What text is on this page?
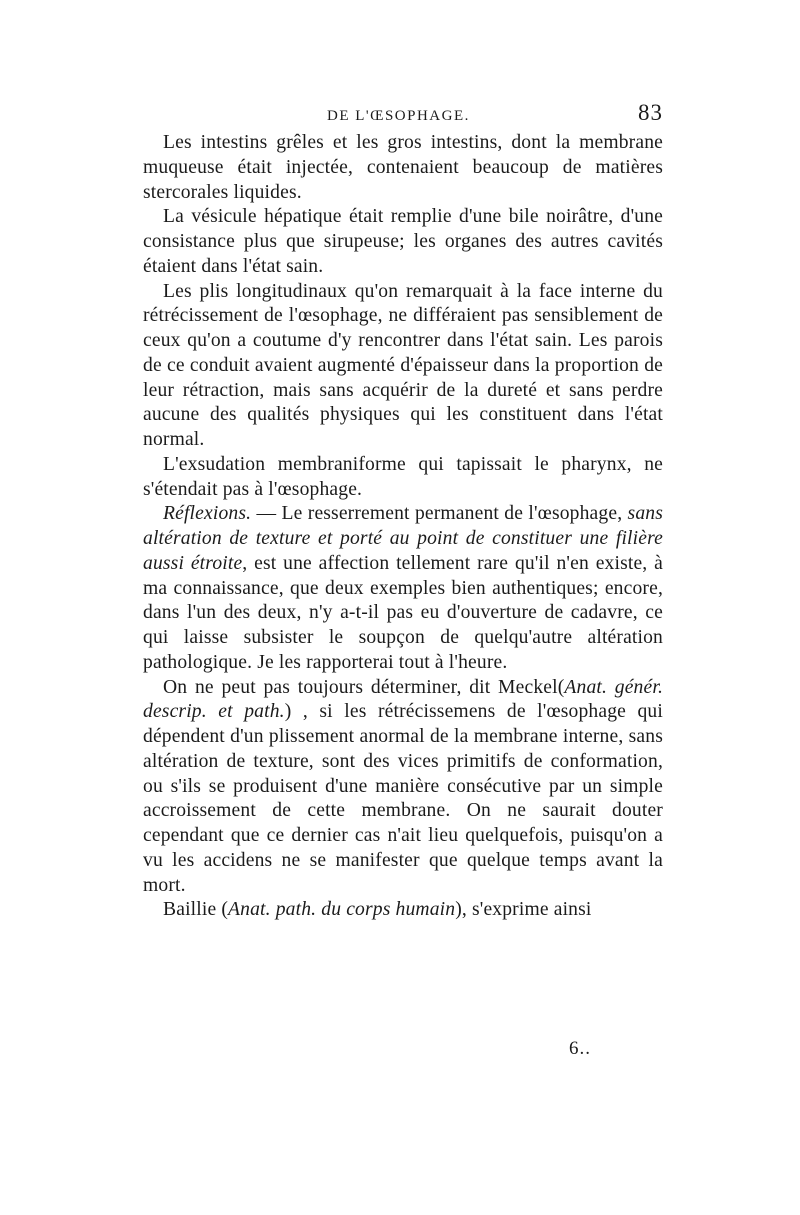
DE L'ŒSOPHAGE.	83

Les intestins grêles et les gros intestins, dont la membrane muqueuse était injectée, contenaient beaucoup de matières stercorales liquides.

La vésicule hépatique était remplie d'une bile noirâtre, d'une consistance plus que sirupeuse; les organes des autres cavités étaient dans l'état sain.

Les plis longitudinaux qu'on remarquait à la face interne du rétrécissement de l'œsophage, ne différaient pas sensiblement de ceux qu'on a coutume d'y rencontrer dans l'état sain. Les parois de ce conduit avaient augmenté d'épaisseur dans la proportion de leur rétraction, mais sans acquérir de la dureté et sans perdre aucune des qualités physiques qui les constituent dans l'état normal.

L'exsudation membraniforme qui tapissait le pharynx, ne s'étendait pas à l'œsophage.

Réflexions. — Le resserrement permanent de l'œsophage, sans altération de texture et porté au point de constituer une filière aussi étroite, est une affection tellement rare qu'il n'en existe, à ma connaissance, que deux exemples bien authentiques; encore, dans l'un des deux, n'y a-t-il pas eu d'ouverture de cadavre, ce qui laisse subsister le soupçon de quelqu'autre altération pathologique. Je les rapporterai tout à l'heure.

On ne peut pas toujours déterminer, dit Meckel(Anat. génér. descrip. et path.) , si les rétrécissemens de l'œsophage qui dépendent d'un plissement anormal de la membrane interne, sans altération de texture, sont des vices primitifs de conformation, ou s'ils se produisent d'une manière consécutive par un simple accroissement de cette membrane. On ne saurait douter cependant que ce dernier cas n'ait lieu quelquefois, puisqu'on a vu les accidens ne se manifester que quelque temps avant la mort.

Baillie (Anat. path. du corps humain), s'exprime ainsi

6..
